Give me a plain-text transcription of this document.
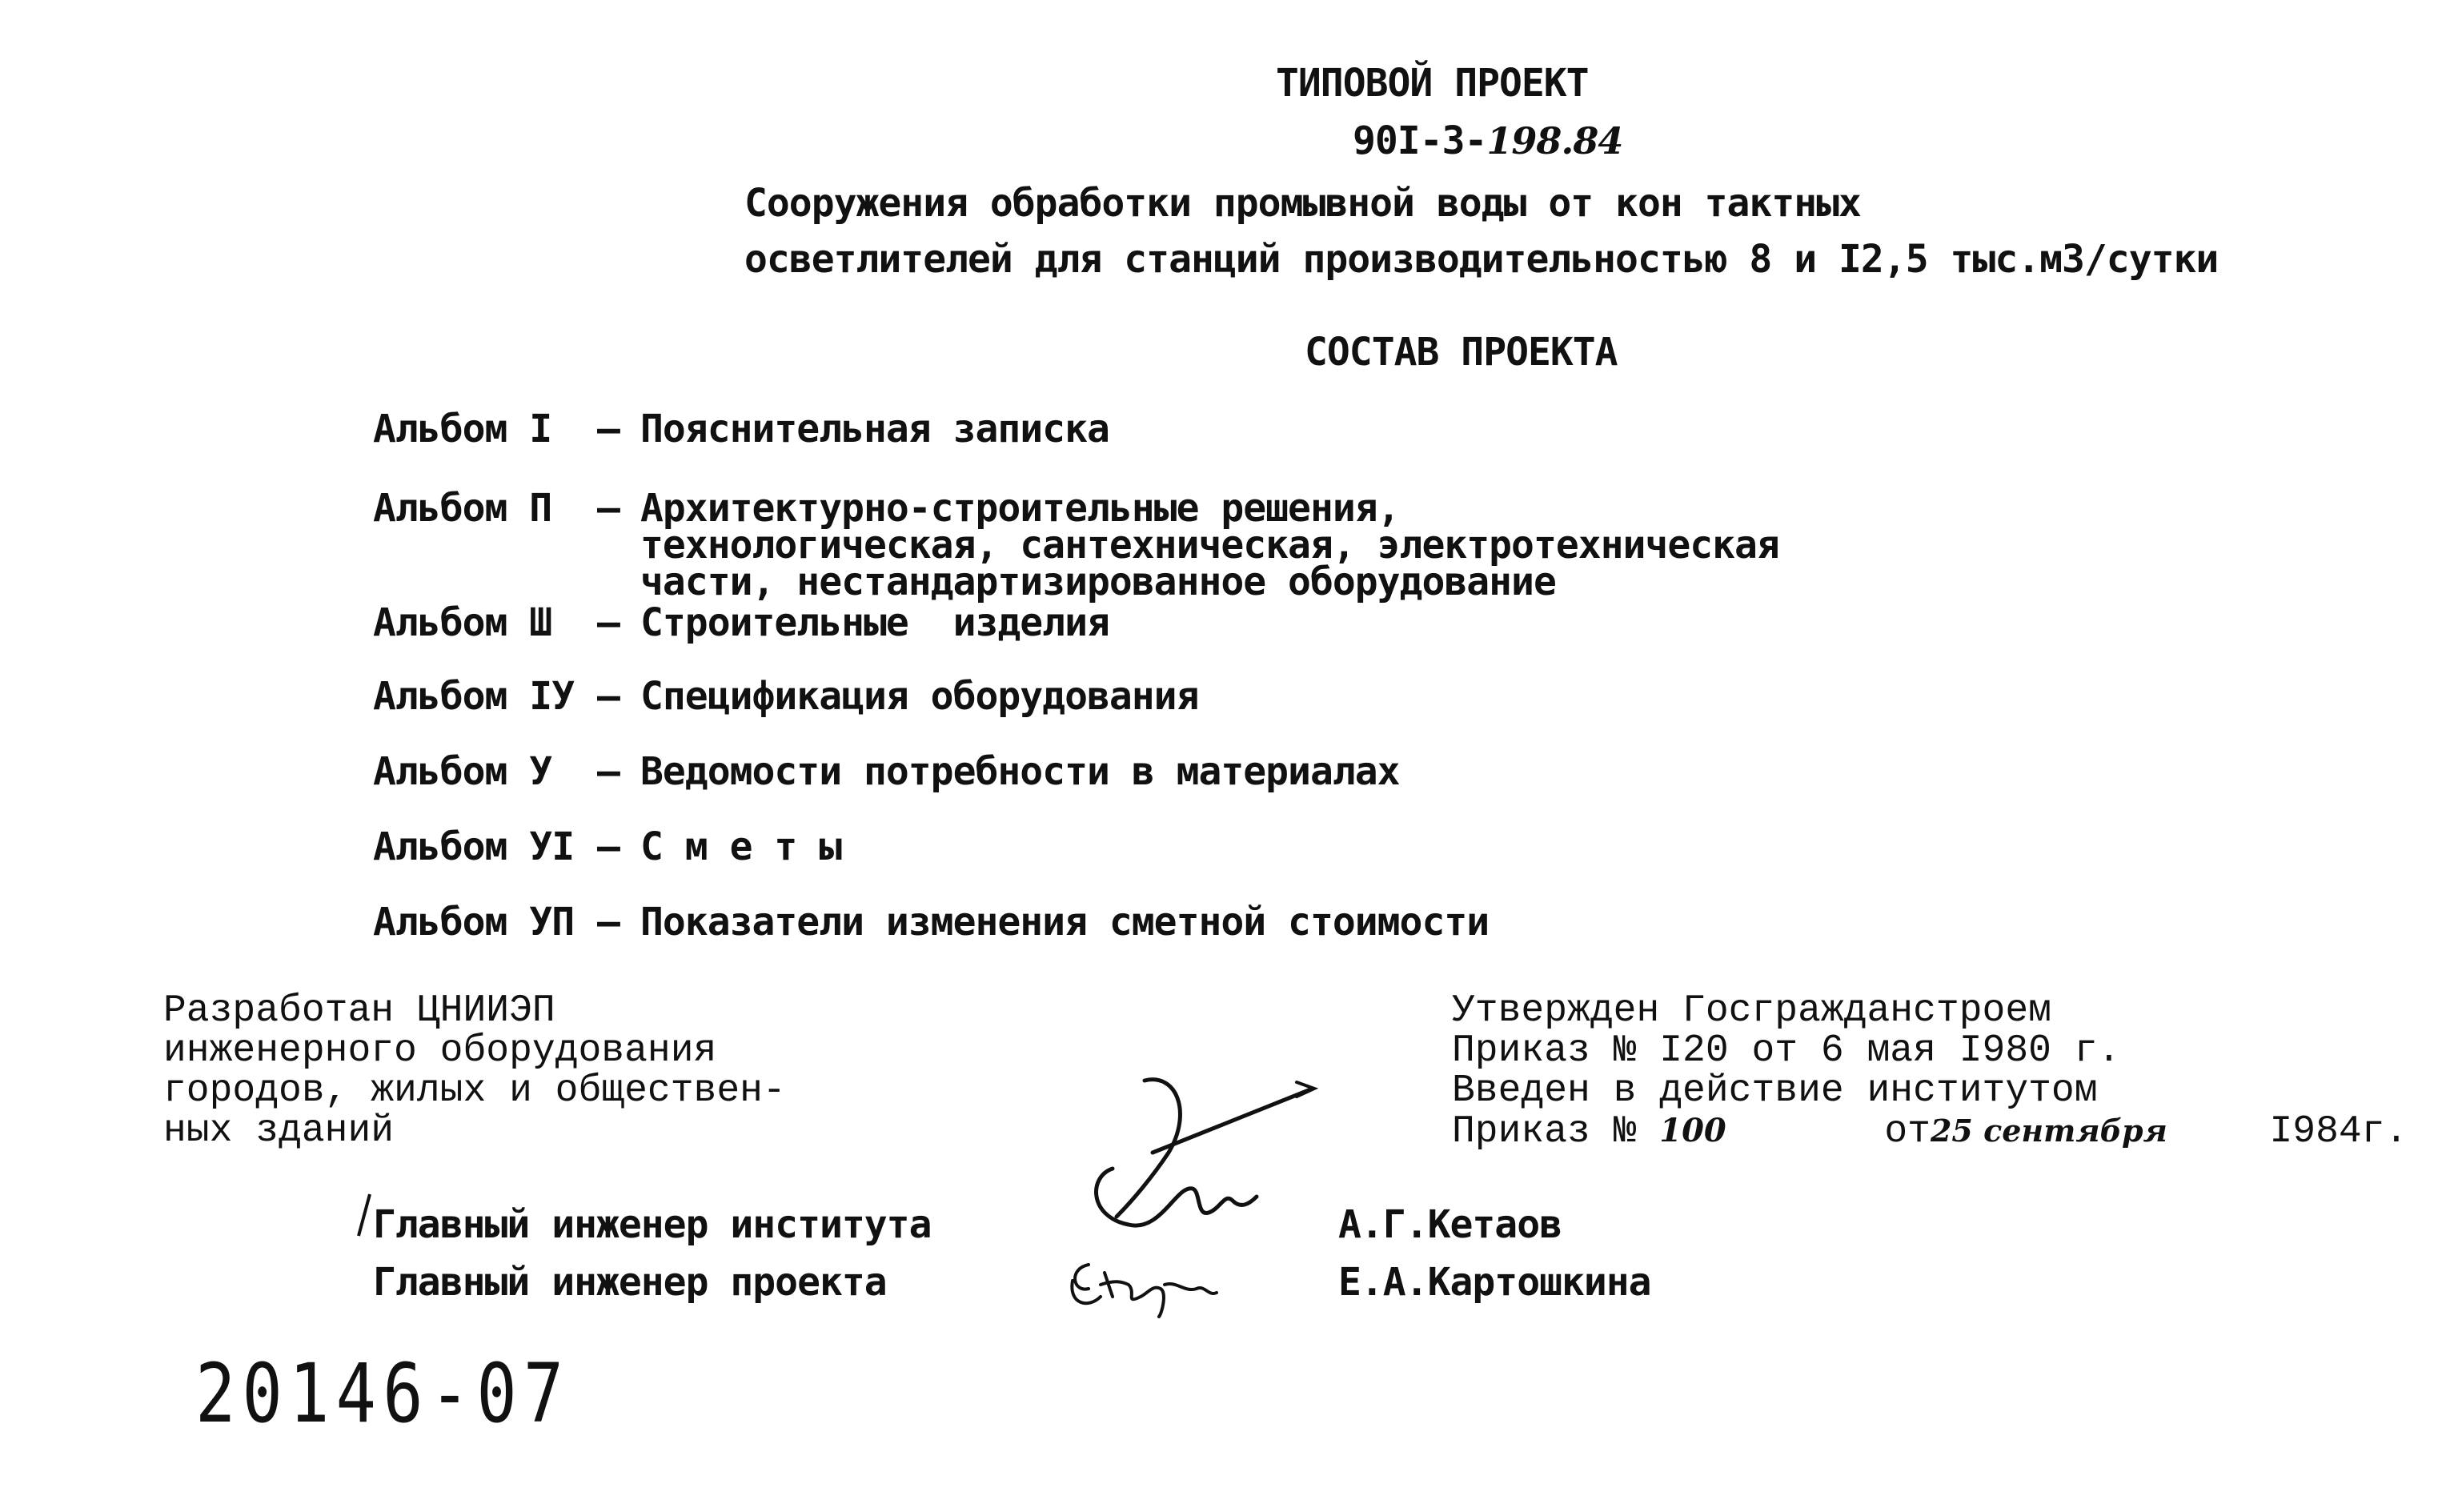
ТИПОВОЙ ПРОЕКТ
90I-3-198.84
Сооружения обработки промывной воды от кон тактных
осветлителей для станций производительностью 8 и I2,5 тыс.м3/сутки
СОСТАВ ПРОЕКТА
Альбом I – Пояснительная записка
Альбом П – Архитектурно-строительные решения,
технологическая, сантехническая, электротехническая
части, нестандартизированное оборудование
Альбом Ш – Строительные  изделия
Альбом IУ – Спецификация оборудования
Альбом У – Ведомости потребности в материалах
Альбом УI – С м е т ы
Альбом УП – Показатели изменения сметной стоимости
Разработан ЦНИИЭП
инженерного оборудования
городов, жилых и обществен-
ных зданий
Утвержден Госгражданстроем
Приказ № I20 от 6 мая I980 г.
Введен в действие институтом
Приказ № 100	от25 сентября	I984г.
Главный инженер института
Главный инженер проекта
А.Г.Кетаов
Е.А.Картошкина
20146-07
